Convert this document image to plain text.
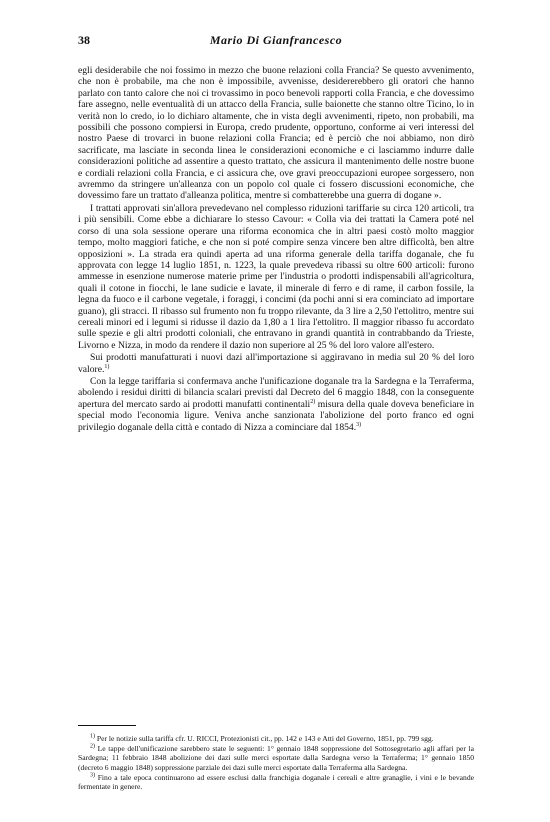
38	Mario Di Gianfrancesco

egli desiderabile che noi fossimo in mezzo che buone relazioni colla Francia? Se questo avvenimento, che non è probabile, ma che non è impossibile, avvenisse, desidererebbero gli oratori che hanno parlato con tanto calore che noi ci trovassimo in poco benevoli rapporti colla Francia, e che dovessimo fare assegno, nelle eventualità di un attacco della Francia, sulle baionette che stanno oltre Ticino, lo in verità non lo credo, io lo dichiaro altamente, che in vista degli avvenimenti, ripeto, non probabili, ma possibili che possono compiersi in Europa, credo prudente, opportuno, conforme ai veri interessi del nostro Paese di trovarci in buone relazioni colla Francia; ed è perciò che noi abbiamo, non dirò sacrificate, ma lasciate in seconda linea le considerazioni economiche e ci lasciammo indurre dalle considerazioni politiche ad assentire a questo trattato, che assicura il mantenimento delle nostre buone e cordiali relazioni colla Francia, e ci assicura che, ove gravi preoccupazioni europee sorgessero, non avremmo da stringere un'alleanza con un popolo col quale ci fossero discussioni economiche, che dovessimo fare un trattato d'alleanza politica, mentre si combatterebbe una guerra di dogane ».

I trattati approvati sin'allora prevedevano nel complesso riduzioni tariffarie su circa 120 articoli, tra i più sensibili. Come ebbe a dichiarare lo stesso Cavour: « Colla via dei trattati la Camera poté nel corso di una sola sessione operare una riforma economica che in altri paesi costò molto maggior tempo, molto maggiori fatiche, e che non si poté compire senza vincere ben altre difficoltà, ben altre opposizioni ». La strada era quindi aperta ad una riforma generale della tariffa doganale, che fu approvata con legge 14 luglio 1851, n. 1223, la quale prevedeva ribassi su oltre 600 articoli: furono ammesse in esenzione numerose materie prime per l'industria o prodotti indispensabili all'agricoltura, quali il cotone in fiocchi, le lane sudicie e lavate, il minerale di ferro e di rame, il carbon fossile, la legna da fuoco e il carbone vegetale, i foraggi, i concimi (da pochi anni si era cominciato ad importare guano), gli stracci. Il ribasso sul frumento non fu troppo rilevante, da 3 lire a 2,50 l'ettolitro, mentre sui cereali minori ed i legumi si ridusse il dazio da 1,80 a 1 lira l'ettolitro. Il maggior ribasso fu accordato sulle spezie e gli altri prodotti coloniali, che entravano in grandi quantità in contrabbando da Trieste, Livorno e Nizza, in modo da rendere il dazio non superiore al 25 % del loro valore all'estero.

Sui prodotti manufatturati i nuovi dazi all'importazione si aggiravano in media sul 20 % del loro valore.$^{1)}$

Con la legge tariffaria si confermava anche l'unificazione doganale tra la Sardegna e la Terraferma, abolendo i residui diritti di bilancia scalari previsti dal Decreto del 6 maggio 1848, con la conseguente apertura del mercato sardo ai prodotti manufatti continentali$^{2)}$ misura della quale doveva beneficiare in special modo l'economia ligure. Veniva anche sanzionata l'abolizione del porto franco ed ogni privilegio doganale della città e contado di Nizza a cominciare dal 1854.$^{3)}$

$^{1)}$ Per le notizie sulla tariffa cfr. U. RICCI, Protezionisti cit., pp. 142 e 143 e Atti del Governo, 1851, pp. 799 sgg.

$^{2)}$ Le tappe dell'unificazione sarebbero state le seguenti: 1° gennaio 1848 soppressione del Sottosegretario agli affari per la Sardegna; 11 febbraio 1848 abolizione dei dazi sulle merci esportate dalla Sardegna verso la Terraferma; 1° gennaio 1850 (decreto 6 maggio 1848) soppressione parziale dei dazi sulle merci esportate dalla Terraferma alla Sardegna.

$^{3)}$ Fino a tale epoca continuarono ad essere esclusi dalla franchigia doganale i cereali e altre granaglie, i vini e le bevande fermentate in genere.
